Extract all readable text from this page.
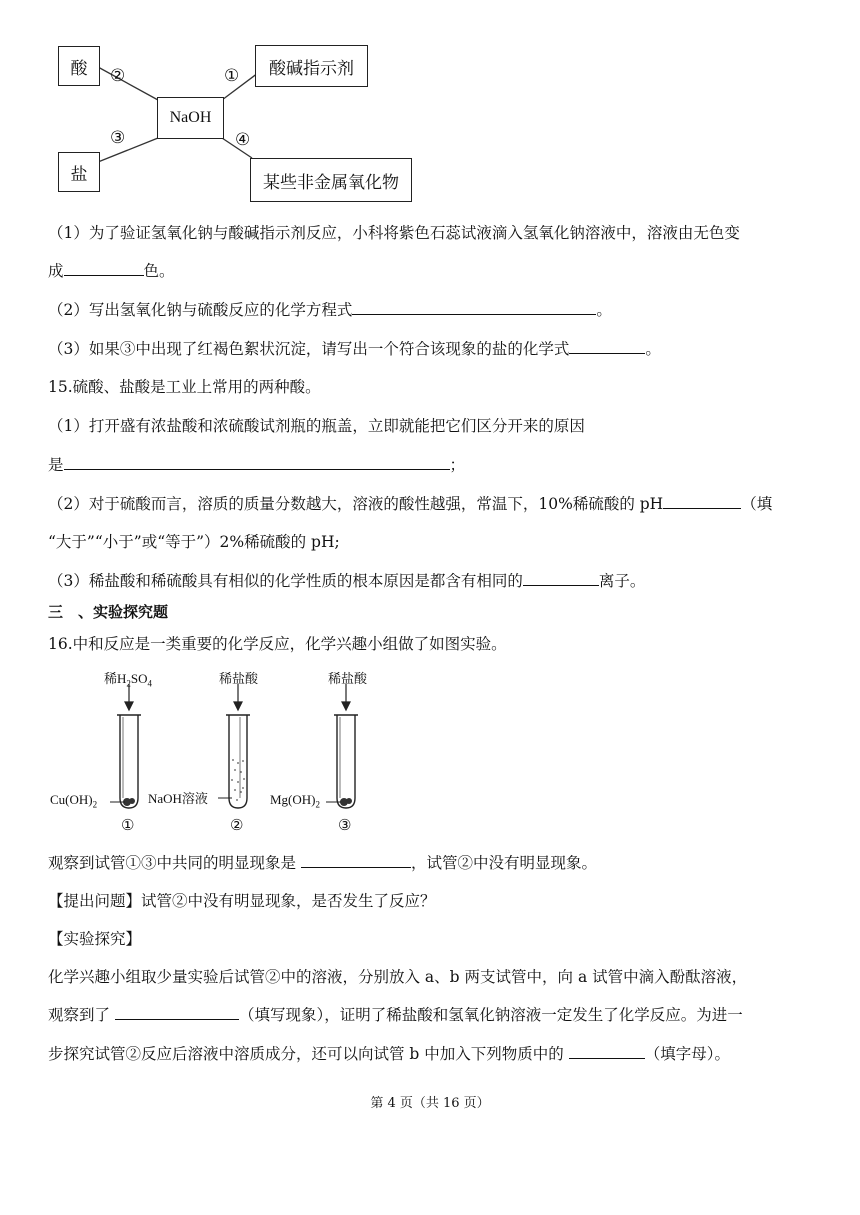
酸	酸碱指示剂
NaOH
盐	某些非金属氧化物
②	①
③	④
（1）为了验证氢氧化钠与酸碱指示剂反应，小科将紫色石蕊试液滴入氢氧化钠溶液中，溶液由无色变
成	色。
（2）写出氢氧化钠与硫酸反应的化学方程式	。
（3）如果③中出现了红褐色絮状沉淀，请写出一个符合该现象的盐的化学式	。
15.硫酸、盐酸是工业上常用的两种酸。
（1）打开盛有浓盐酸和浓硫酸试剂瓶的瓶盖，立即就能把它们区分开来的原因
是	；
（2）对于硫酸而言，溶质的质量分数越大，溶液的酸性越强，常温下，10%稀硫酸的 pH	（填
“大于”“小于”或“等于”）2%稀硫酸的 pH;
（3）稀盐酸和稀硫酸具有相似的化学性质的根本原因是都含有相同的	离子。
三　、实验探究题
16.中和反应是一类重要的化学反应，化学兴趣小组做了如图实验。
稀$H_2SO_4$	稀盐酸	稀盐酸
$Cu(OH)_2$	NaOH溶液	$Mg(OH)_2$
①	②	③
观察到试管①③中共同的明显现象是	，试管②中没有明显现象。
【提出问题】试管②中没有明显现象，是否发生了反应？
【实验探究】
化学兴趣小组取少量实验后试管②中的溶液，分别放入 a、b 两支试管中，向 a 试管中滴入酚酞溶液，
观察到了	（填写现象），证明了稀盐酸和氢氧化钠溶液一定发生了化学反应。为进一
步探究试管②反应后溶液中溶质成分，还可以向试管 b 中加入下列物质中的	（填字母）。
第 4 页（共 16 页）
